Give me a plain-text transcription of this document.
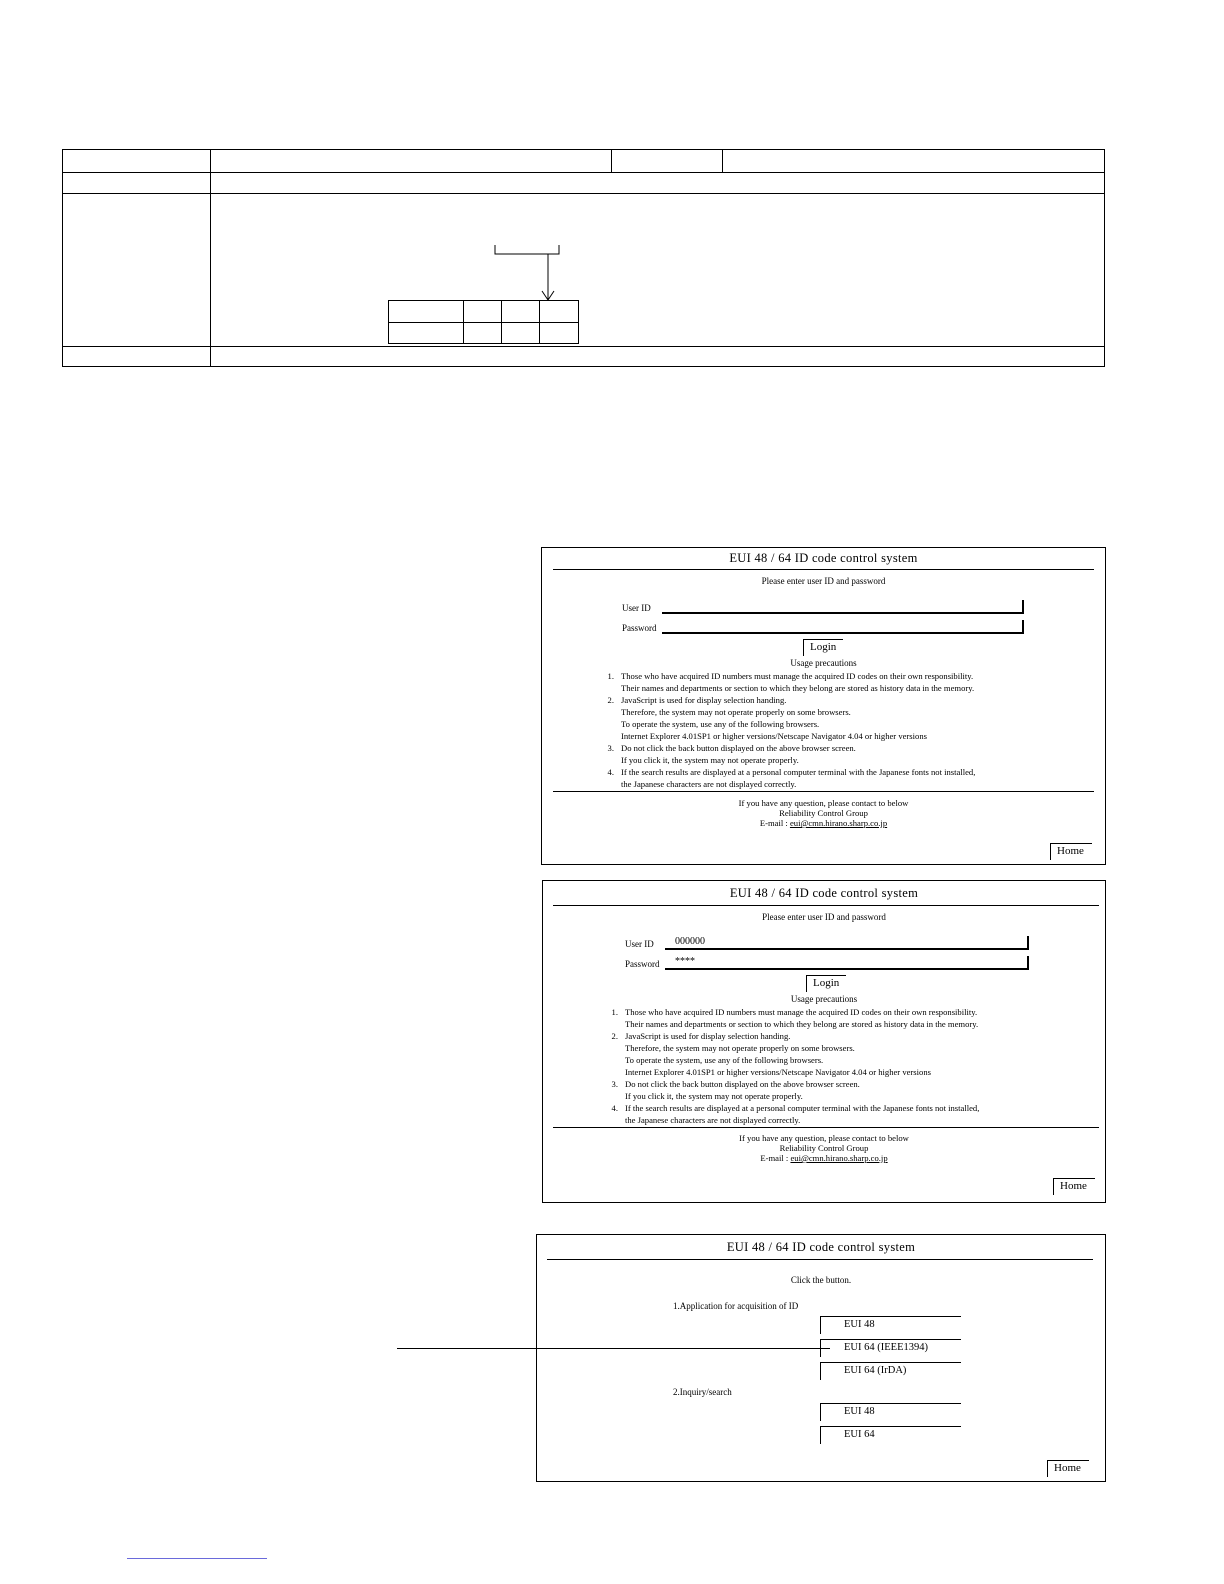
EUI 48 / 64 ID code control system
Please enter user ID and password
User ID
Password
Login
Usage precautions
1. Those who have acquired ID numbers must manage the acquired ID codes on their own responsibility.
Their names and departments or section to which they belong are stored as history data in the memory.
2. JavaScript is used for display selection handing.
Therefore, the system may not operate properly on some browsers.
To operate the system, use any of the following browsers.
Internet Explorer 4.01SP1 or higher versions/Netscape Navigator 4.04 or higher versions
3. Do not click the back button displayed on the above browser screen.
If you click it, the system may not operate properly.
4. If the search results are displayed at a personal computer terminal with the Japanese fonts not installed,
the Japanese characters are not displayed correctly.
If you have any question, please contact to below
Reliability Control Group
E-mail : eui@cmn.hirano.sharp.co.jp
Home
EUI 48 / 64 ID code control system
Please enter user ID and password
User ID	000000
Password	****
Login
Usage precautions
1. Those who have acquired ID numbers must manage the acquired ID codes on their own responsibility.
Their names and departments or section to which they belong are stored as history data in the memory.
2. JavaScript is used for display selection handing.
Therefore, the system may not operate properly on some browsers.
To operate the system, use any of the following browsers.
Internet Explorer 4.01SP1 or higher versions/Netscape Navigator 4.04 or higher versions
3. Do not click the back button displayed on the above browser screen.
If you click it, the system may not operate properly.
4. If the search results are displayed at a personal computer terminal with the Japanese fonts not installed,
the Japanese characters are not displayed correctly.
If you have any question, please contact to below
Reliability Control Group
E-mail : eui@cmn.hirano.sharp.co.jp
Home
EUI 48 / 64 ID code control system
Click the button.
1.Application for acquisition of ID
EUI 48
EUI 64 (IEEE1394)
EUI 64 (IrDA)
2.Inquiry/search
EUI 48
EUI 64
Home
